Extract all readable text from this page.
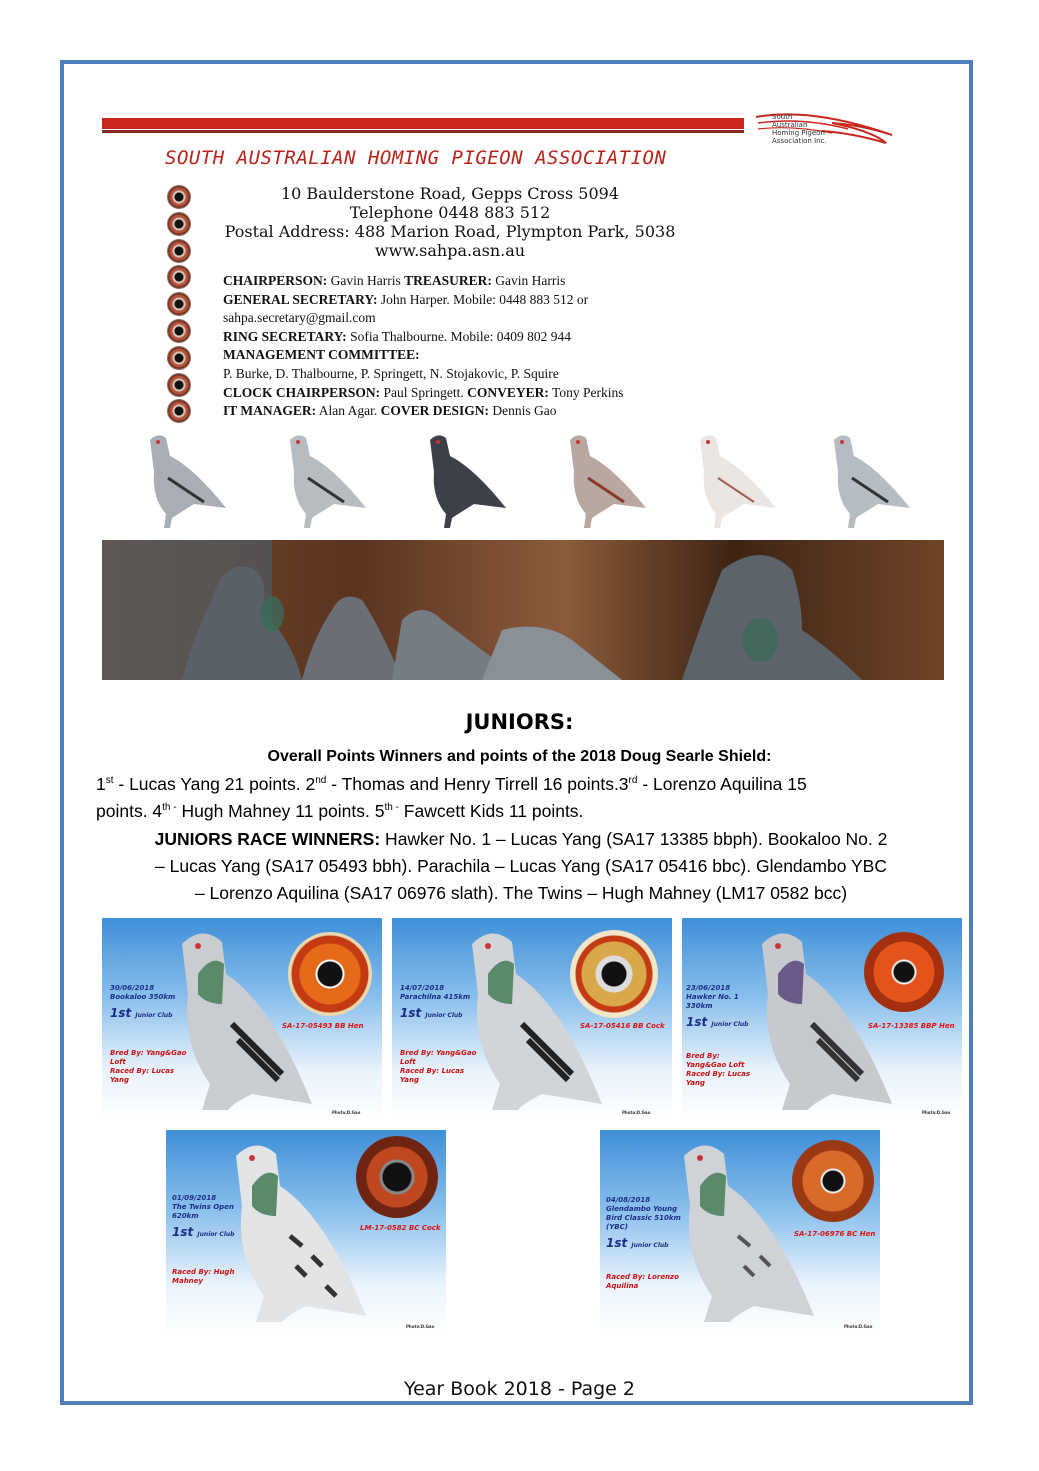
South
Australian
Homing Pigeon
Association Inc.
SOUTH AUSTRALIAN HOMING PIGEON ASSOCIATION
10 Baulderstone Road, Gepps Cross 5094
Telephone 0448 883 512
Postal Address: 488 Marion Road, Plympton Park, 5038
www.sahpa.asn.au
CHAIRPERSON: Gavin Harris TREASURER: Gavin Harris
GENERAL SECRETARY: John Harper. Mobile: 0448 883 512 or
sahpa.secretary@gmail.com
RING SECRETARY: Sofia Thalbourne. Mobile: 0409 802 944
MANAGEMENT COMMITTEE:
P. Burke, D. Thalbourne, P. Springett, N. Stojakovic, P. Squire
CLOCK CHAIRPERSON: Paul Springett. CONVEYER: Tony Perkins
IT MANAGER: Alan Agar. COVER DESIGN: Dennis Gao
JUNIORS:
Overall Points Winners and points of the 2018 Doug Searle Shield:
1st - Lucas Yang 21 points. 2nd - Thomas and Henry Tirrell 16 points.3rd - Lorenzo Aquilina 15
points. $4^{th -}$ Hugh Mahney 11 points. $5^{th -}$ Fawcett Kids 11 points.
JUNIORS RACE WINNERS: Hawker No. 1 – Lucas Yang (SA17 13385 bbph). Bookaloo No. 2
– Lucas Yang (SA17 05493 bbh). Parachila – Lucas Yang (SA17 05416 bbc). Glendambo YBC
– Lorenzo Aquilina (SA17 06976 slath). The Twins – Hugh Mahney (LM17 0582 bcc)
30/06/2018
Bookaloo 350km
1st Junior Club
Bred By: Yang&Gao Loft
Raced By: Lucas Yang
SA-17-05493 BB Hen
Photo:D.Gao
14/07/2018
Parachilna 415km
1st Junior Club
Bred By: Yang&Gao Loft
Raced By: Lucas Yang
SA-17-05416 BB Cock
Photo:D.Gao
23/06/2018
Hawker No. 1 330km
1st Junior Club
Bred By: Yang&Gao Loft
Raced By: Lucas Yang
SA-17-13385 BBP Hen
Photo:D.Gao
01/09/2018
The Twins Open 620km
1st Junior Club
Raced By: Hugh Mahney
LM-17-0582 BC Cock
Photo:D.Gao
04/08/2018
Glendambo Young Bird Classic 510km (YBC)
1st Junior Club
Raced By: Lorenzo Aquilina
SA-17-06976 BC Hen
Photo:D.Gao
Year Book 2018 - Page 2
